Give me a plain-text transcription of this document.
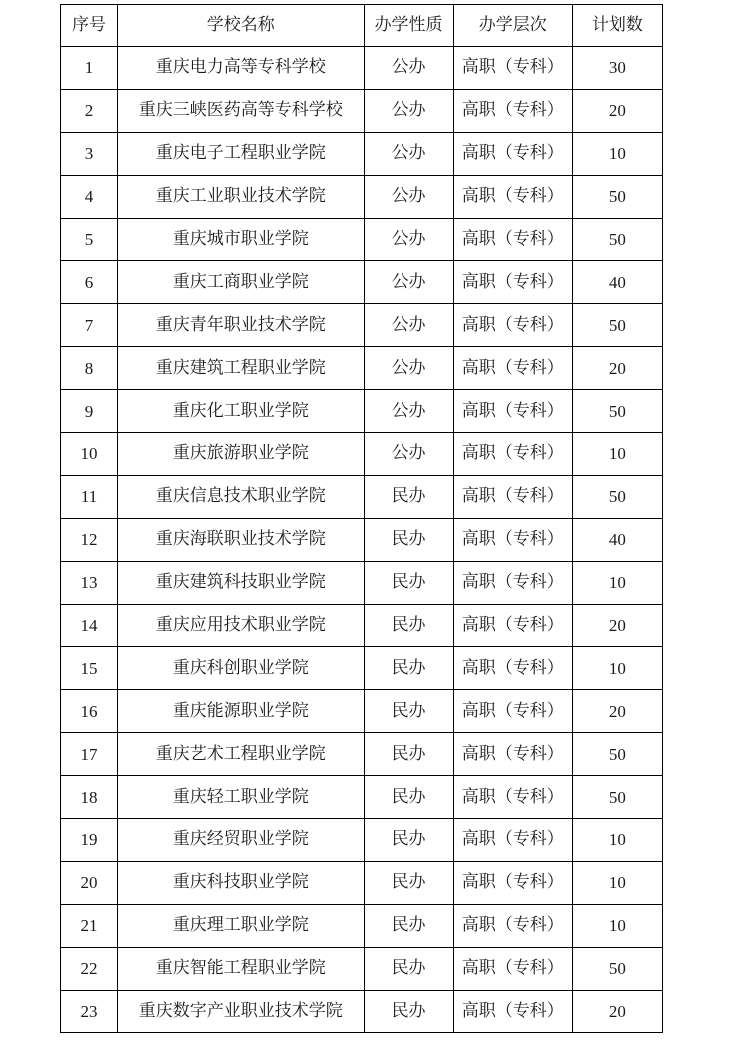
序号	学校名称	办学性质	办学层次	计划数
1	重庆电力高等专科学校	公办	高职（专科）	30
2	重庆三峡医药高等专科学校	公办	高职（专科）	20
3	重庆电子工程职业学院	公办	高职（专科）	10
4	重庆工业职业技术学院	公办	高职（专科）	50
5	重庆城市职业学院	公办	高职（专科）	50
6	重庆工商职业学院	公办	高职（专科）	40
7	重庆青年职业技术学院	公办	高职（专科）	50
8	重庆建筑工程职业学院	公办	高职（专科）	20
9	重庆化工职业学院	公办	高职（专科）	50
10	重庆旅游职业学院	公办	高职（专科）	10
11	重庆信息技术职业学院	民办	高职（专科）	50
12	重庆海联职业技术学院	民办	高职（专科）	40
13	重庆建筑科技职业学院	民办	高职（专科）	10
14	重庆应用技术职业学院	民办	高职（专科）	20
15	重庆科创职业学院	民办	高职（专科）	10
16	重庆能源职业学院	民办	高职（专科）	20
17	重庆艺术工程职业学院	民办	高职（专科）	50
18	重庆轻工职业学院	民办	高职（专科）	50
19	重庆经贸职业学院	民办	高职（专科）	10
20	重庆科技职业学院	民办	高职（专科）	10
21	重庆理工职业学院	民办	高职（专科）	10
22	重庆智能工程职业学院	民办	高职（专科）	50
23	重庆数字产业职业技术学院	民办	高职（专科）	20
